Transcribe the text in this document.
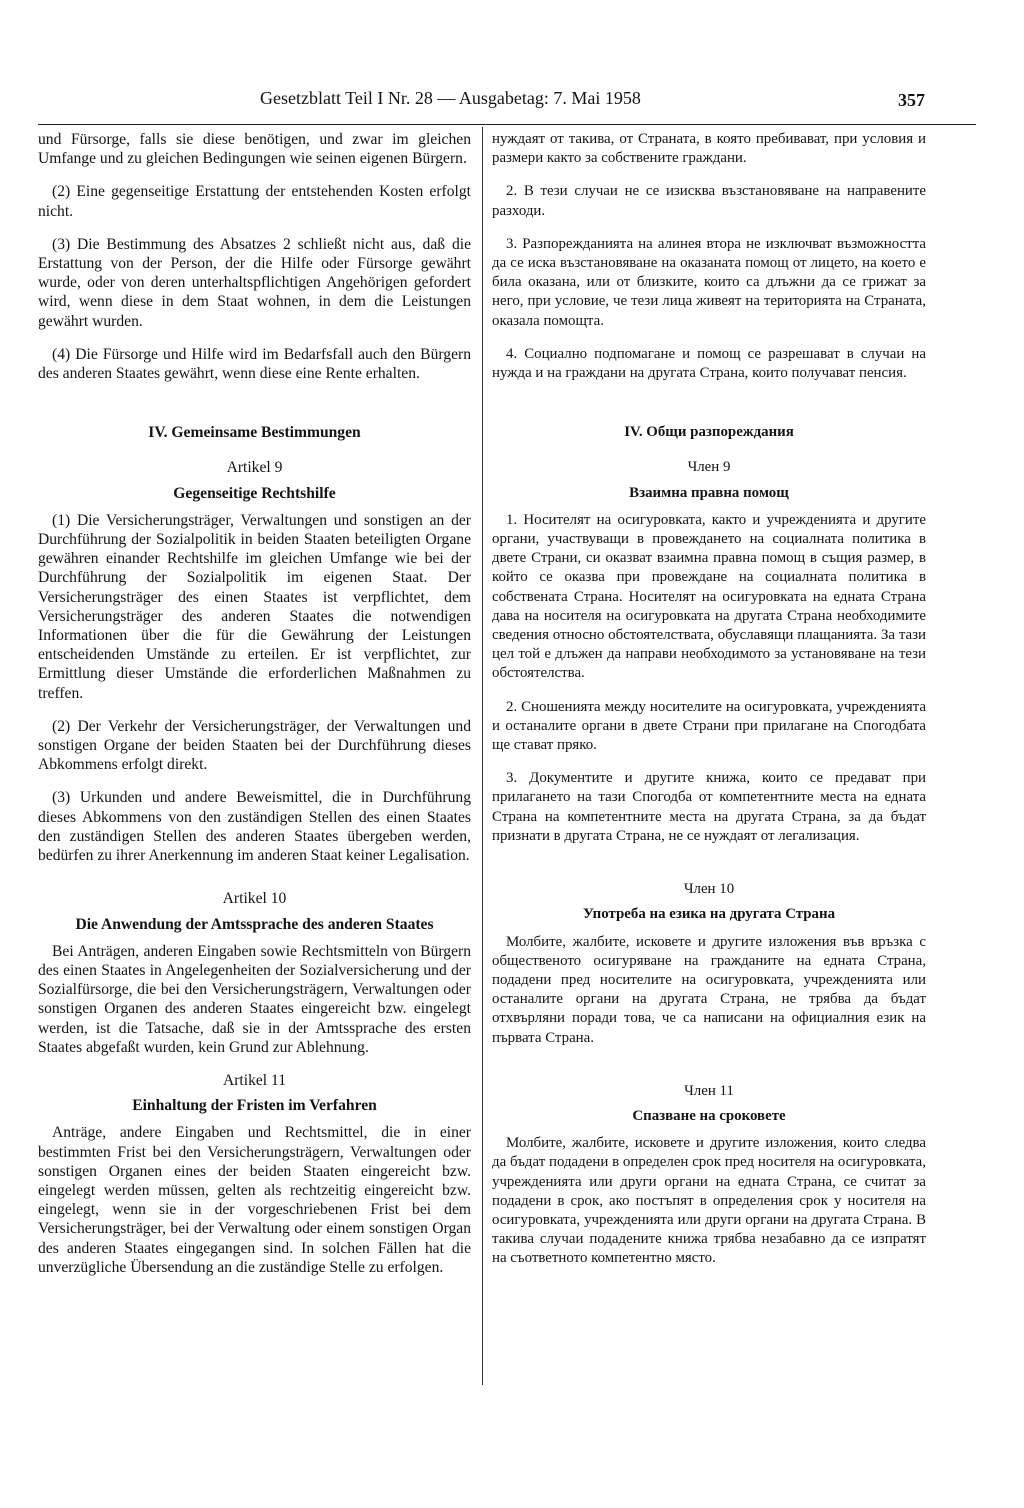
Gesetzblatt Teil I Nr. 28 — Ausgabetag: 7. Mai 1958	357

und Fürsorge, falls sie diese benötigen, und zwar im gleichen Umfange und zu gleichen Bedingungen wie seinen eigenen Bürgern.

(2) Eine gegenseitige Erstattung der entstehenden Kosten erfolgt nicht.

(3) Die Bestimmung des Absatzes 2 schließt nicht aus, daß die Erstattung von der Person, der die Hilfe oder Fürsorge gewährt wurde, oder von deren unterhaltspflichtigen Angehörigen gefordert wird, wenn diese in dem Staat wohnen, in dem die Leistungen gewährt wurden.

(4) Die Fürsorge und Hilfe wird im Bedarfsfall auch den Bürgern des anderen Staates gewährt, wenn diese eine Rente erhalten.

IV. Gemeinsame Bestimmungen
Artikel 9
Gegenseitige Rechtshilfe

(1) Die Versicherungsträger, Verwaltungen und sonstigen an der Durchführung der Sozialpolitik in beiden Staaten beteiligten Organe gewähren einander Rechtshilfe im gleichen Umfange wie bei der Durchführung der Sozialpolitik im eigenen Staat. Der Versicherungsträger des einen Staates ist verpflichtet, dem Versicherungsträger des anderen Staates die notwendigen Informationen über die für die Gewährung der Leistungen entscheidenden Umstände zu erteilen. Er ist verpflichtet, zur Ermittlung dieser Umstände die erforderlichen Maßnahmen zu treffen.

(2) Der Verkehr der Versicherungsträger, der Verwaltungen und sonstigen Organe der beiden Staaten bei der Durchführung dieses Abkommens erfolgt direkt.

(3) Urkunden und andere Beweismittel, die in Durchführung dieses Abkommens von den zuständigen Stellen des einen Staates den zuständigen Stellen des anderen Staates übergeben werden, bedürfen zu ihrer Anerkennung im anderen Staat keiner Legalisation.

Artikel 10
Die Anwendung der Amtssprache des anderen Staates

Bei Anträgen, anderen Eingaben sowie Rechtsmitteln von Bürgern des einen Staates in Angelegenheiten der Sozialversicherung und der Sozialfürsorge, die bei den Versicherungsträgern, Verwaltungen oder sonstigen Organen des anderen Staates eingereicht bzw. eingelegt werden, ist die Tatsache, daß sie in der Amtssprache des ersten Staates abgefaßt wurden, kein Grund zur Ablehnung.

Artikel 11
Einhaltung der Fristen im Verfahren

Anträge, andere Eingaben und Rechtsmittel, die in einer bestimmten Frist bei den Versicherungsträgern, Verwaltungen oder sonstigen Organen eines der beiden Staaten eingereicht bzw. eingelegt werden müssen, gelten als rechtzeitig eingereicht bzw. eingelegt, wenn sie in der vorgeschriebenen Frist bei dem Versicherungsträger, bei der Verwaltung oder einem sonstigen Organ des anderen Staates eingegangen sind. In solchen Fällen hat die unverzügliche Übersendung an die zuständige Stelle zu erfolgen.

нуждаят от такива, от Страната, в която пребивават, при условия и размери както за собствените граждани.

2. В тези случаи не се изисква възстановяване на направените разходи.

3. Разпорежданията на алинея втора не изключват възможността да се иска възстановяване на оказаната помощ от лицето, на което е била оказана, или от близките, които са длъжни да се грижат за него, при условие, че тези лица живеят на територията на Страната, оказала помощта.

4. Социално подпомагане и помощ се разрешават в случаи на нужда и на граждани на другата Страна, които получават пенсия.

IV. Общи разпореждания
Член 9
Взаимна правна помощ

1. Носителят на осигуровката, както и учрежденията и другите органи, участвуващи в провеждането на социалната политика в двете Страни, си оказват взаимна правна помощ в същия размер, в който се оказва при провеждане на социалната политика в собствената Страна. Носителят на осигуровката на едната Страна дава на носителя на осигуровката на другата Страна необходимите сведения относно обстоятелствата, обуславящи плащанията. За тази цел той е длъжен да направи необходимото за установяване на тези обстоятелства.

2. Сношенията между носителите на осигуровката, учрежденията и останалите органи в двете Страни при прилагане на Спогодбата ще стават пряко.

3. Документите и другите книжа, които се предават при прилагането на тази Спогодба от компетентните места на едната Страна на компетентните места на другата Страна, за да бъдат признати в другата Страна, не се нуждаят от легализация.

Член 10
Употреба на езика на другата Страна

Молбите, жалбите, исковете и другите изложения във връзка с общественото осигуряване на гражданите на едната Страна, подадени пред носителите на осигуровката, учрежденията или останалите органи на другата Страна, не трябва да бъдат отхвърляни поради това, че са написани на официалния език на първата Страна.

Член 11
Спазване на сроковете

Молбите, жалбите, исковете и другите изложения, които следва да бъдат подадени в определен срок пред носителя на осигуровката, учрежденията или други органи на едната Страна, се считат за подадени в срок, ако постъпят в определения срок у носителя на осигуровката, учрежденията или други органи на другата Страна. В такива случаи подадените книжа трябва незабавно да се изпратят на съответното компетентно място.
